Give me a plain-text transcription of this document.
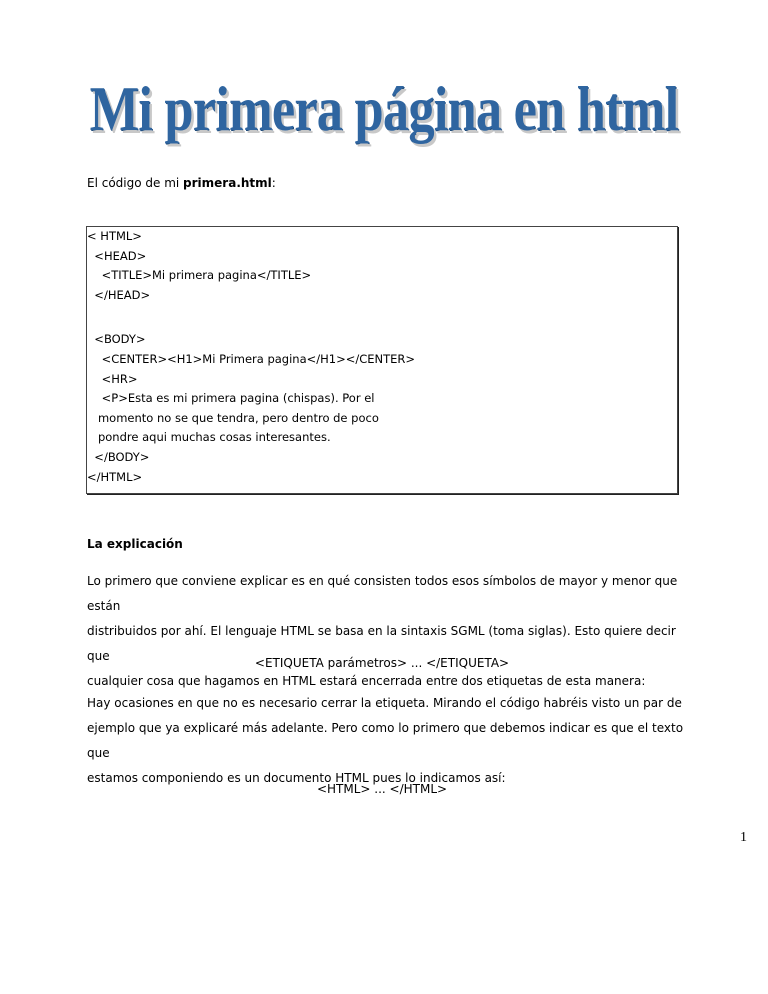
Mi primera página en html
El código de mi primera.html:
< HTML>
<HEAD>
<TITLE>Mi primera pagina</TITLE>
</HEAD>
<BODY>
<CENTER><H1>Mi Primera pagina</H1></CENTER>
<HR>
<P>Esta es mi primera pagina (chispas). Por el
momento no se que tendra, pero dentro de poco
pondre aqui muchas cosas interesantes.
</BODY>
</HTML>
La explicación
Lo primero que conviene explicar es en qué consisten todos esos símbolos de mayor y menor que están
distribuidos por ahí. El lenguaje HTML se basa en la sintaxis SGML (toma siglas). Esto quiere decir que
cualquier cosa que hagamos en HTML estará encerrada entre dos etiquetas de esta manera:
<ETIQUETA parámetros> ... </ETIQUETA>
Hay ocasiones en que no es necesario cerrar la etiqueta. Mirando el código habréis visto un par de
ejemplo que ya explicaré más adelante. Pero como lo primero que debemos indicar es que el texto que
estamos componiendo es un documento HTML pues lo indicamos así:
<HTML> ... </HTML>
1
